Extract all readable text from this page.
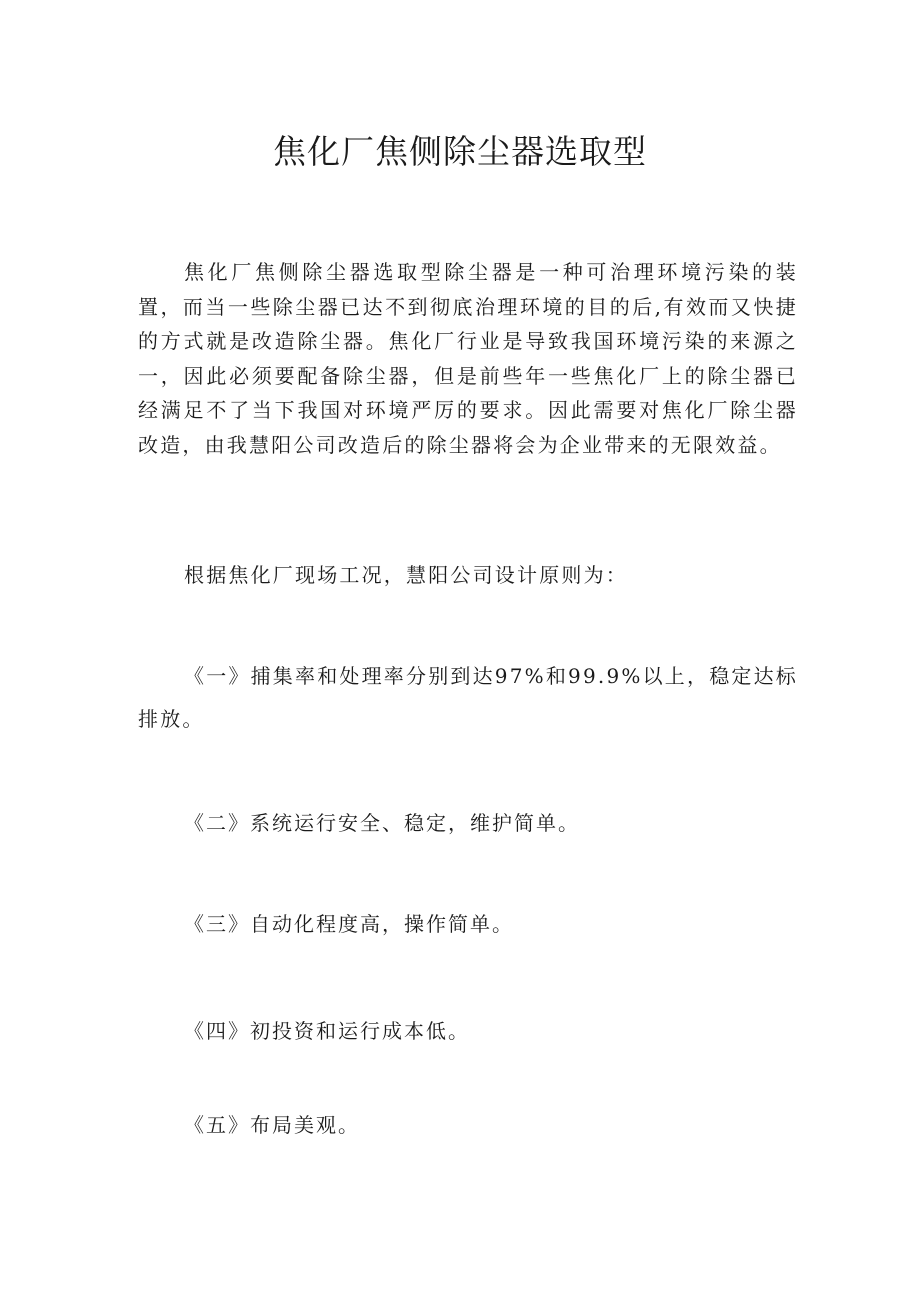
焦化厂焦侧除尘器选取型

焦化厂焦侧除尘器选取型除尘器是一种可治理环境污染的装置，而当一些除尘器已达不到彻底治理环境的目的后,有效而又快捷的方式就是改造除尘器。焦化厂行业是导致我国环境污染的来源之一，因此必须要配备除尘器，但是前些年一些焦化厂上的除尘器已经满足不了当下我国对环境严厉的要求。因此需要对焦化厂除尘器改造，由我慧阳公司改造后的除尘器将会为企业带来的无限效益。

根据焦化厂现场工况，慧阳公司设计原则为：

《一》捕集率和处理率分别到达97%和99.9%以上，稳定达标排放。

《二》系统运行安全、稳定，维护简单。

《三》自动化程度高，操作简单。

《四》初投资和运行成本低。

《五》布局美观。
